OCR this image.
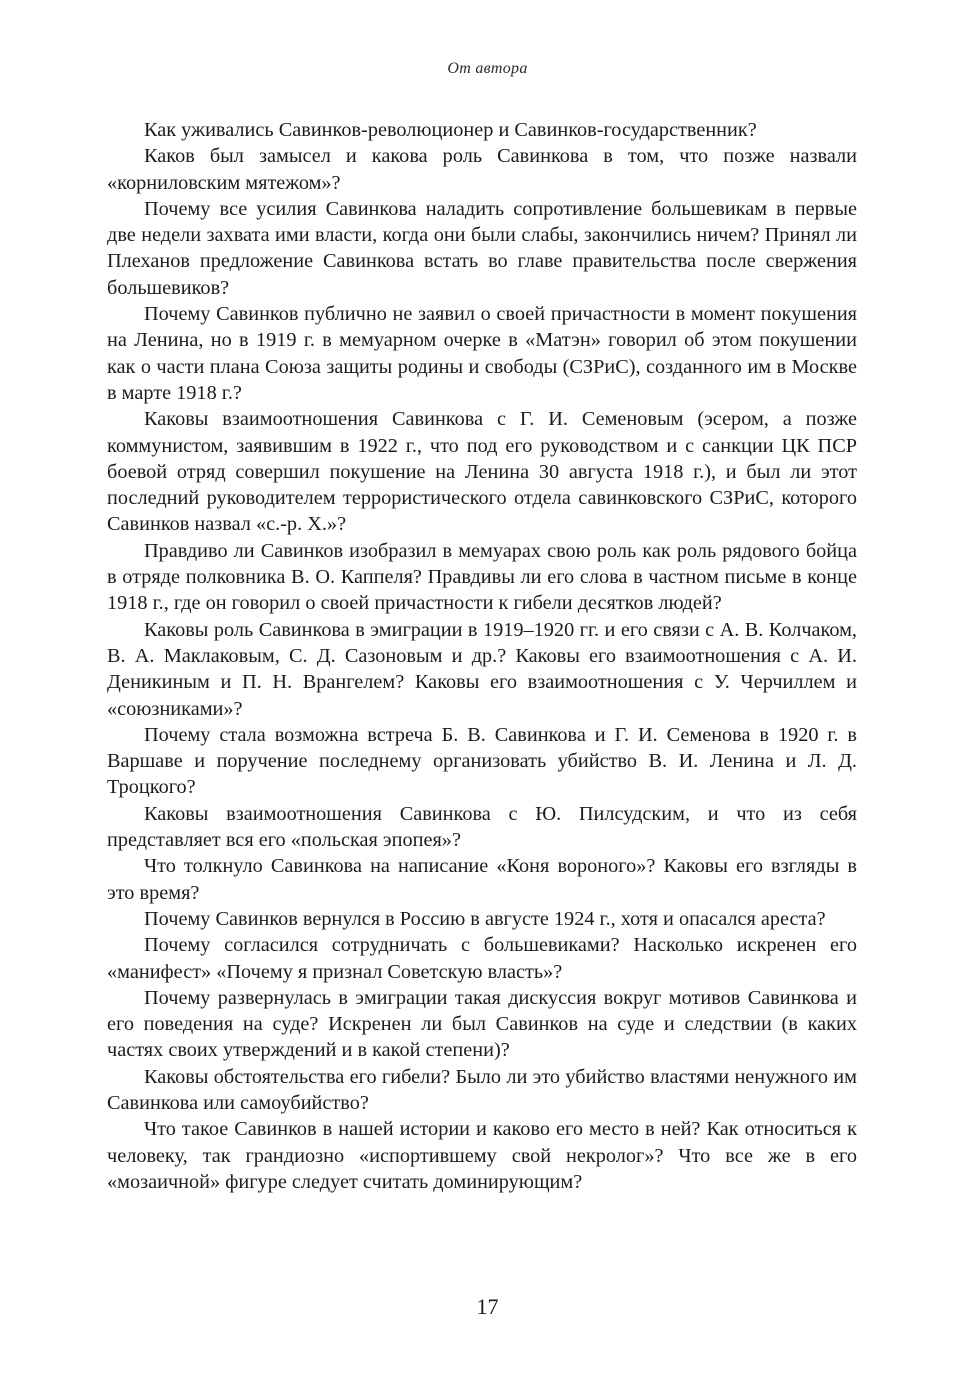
От автора

Как уживались Савинков-революционер и Савинков-государственник?

Каков был замысел и какова роль Савинкова в том, что позже назвали «корниловским мятежом»?

Почему все усилия Савинкова наладить сопротивление большевикам в первые две недели захвата ими власти, когда они были слабы, закончились ничем? Принял ли Плеханов предложение Савинкова встать во главе правительства после свержения большевиков?

Почему Савинков публично не заявил о своей причастности в момент покушения на Ленина, но в 1919 г. в мемуарном очерке в «Матэн» говорил об этом покушении как о части плана Союза защиты родины и свободы (СЗРиС), созданного им в Москве в марте 1918 г.?

Каковы взаимоотношения Савинкова с Г. И. Семеновым (эсером, а позже коммунистом, заявившим в 1922 г., что под его руководством и с санкции ЦК ПСР боевой отряд совершил покушение на Ленина 30 августа 1918 г.), и был ли этот последний руководителем террористического отдела савинковского СЗРиС, которого Савинков назвал «с.-р. Х.»?

Правдиво ли Савинков изобразил в мемуарах свою роль как роль рядового бойца в отряде полковника В. О. Каппеля? Правдивы ли его слова в частном письме в конце 1918 г., где он говорил о своей причастности к гибели десятков людей?

Каковы роль Савинкова в эмиграции в 1919–1920 гг. и его связи с А. В. Колчаком, В. А. Маклаковым, С. Д. Сазоновым и др.? Каковы его взаимоотношения с А. И. Деникиным и П. Н. Врангелем? Каковы его взаимоотношения с У. Черчиллем и «союзниками»?

Почему стала возможна встреча Б. В. Савинкова и Г. И. Семенова в 1920 г. в Варшаве и поручение последнему организовать убийство В. И. Ленина и Л. Д. Троцкого?

Каковы взаимоотношения Савинкова с Ю. Пилсудским, и что из себя представляет вся его «польская эпопея»?

Что толкнуло Савинкова на написание «Коня вороного»? Каковы его взгляды в это время?

Почему Савинков вернулся в Россию в августе 1924 г., хотя и опасался ареста?

Почему согласился сотрудничать с большевиками? Насколько искренен его «манифест» «Почему я признал Советскую власть»?

Почему развернулась в эмиграции такая дискуссия вокруг мотивов Савинкова и его поведения на суде? Искренен ли был Савинков на суде и следствии (в каких частях своих утверждений и в какой степени)?

Каковы обстоятельства его гибели? Было ли это убийство властями ненужного им Савинкова или самоубийство?

Что такое Савинков в нашей истории и каково его место в ней? Как относиться к человеку, так грандиозно «испортившему свой некролог»? Что все же в его «мозаичной» фигуре следует считать доминирующим?

17
